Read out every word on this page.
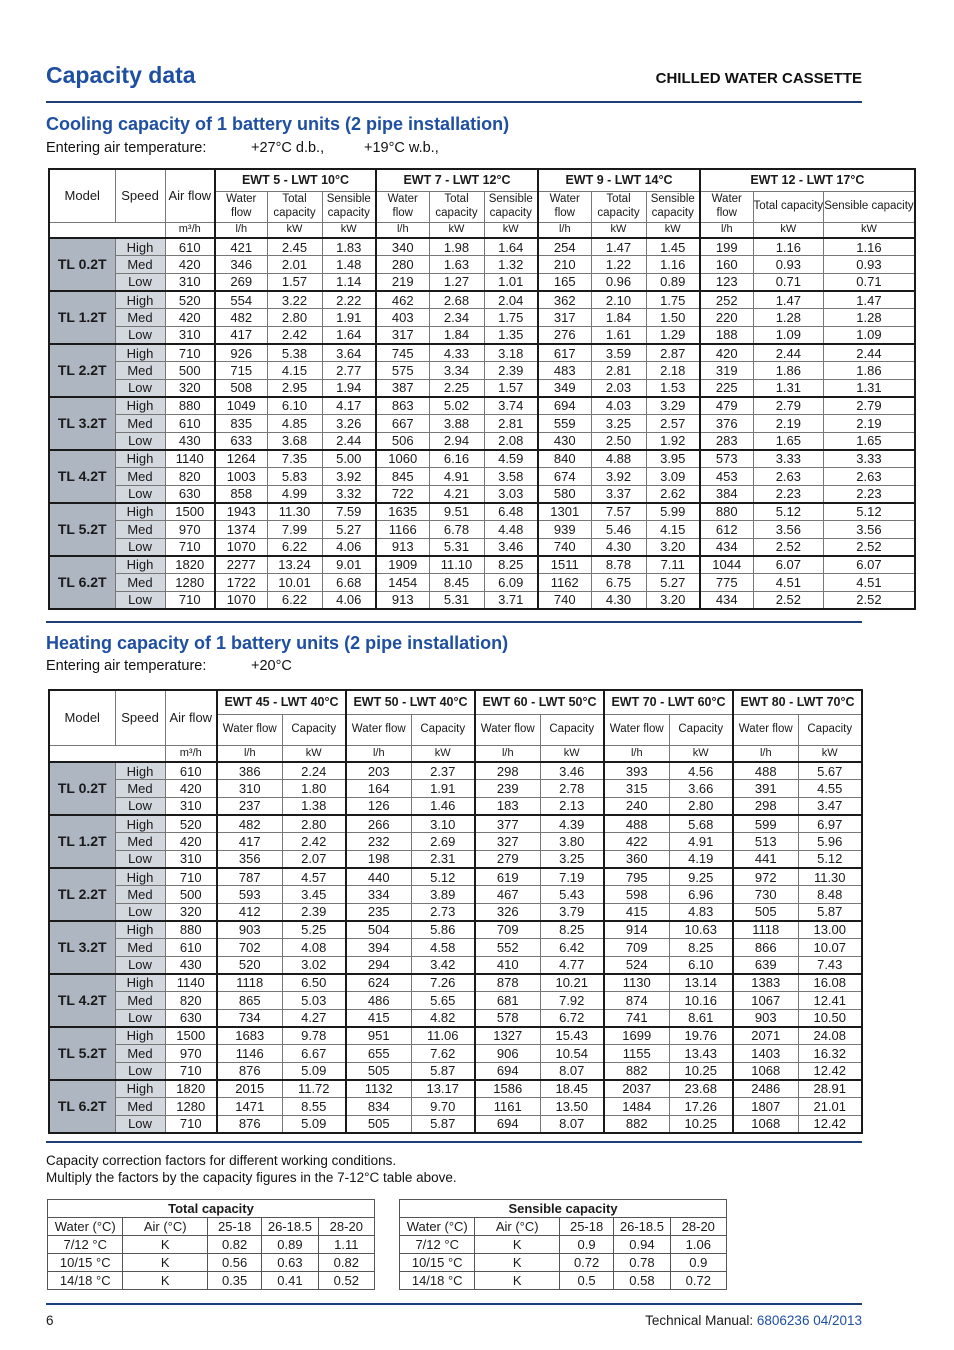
Capacity data	CHILLED WATER CASSETTE
Cooling capacity of 1 battery units (2 pipe installation)
Entering air temperature:	+27°C d.b.,	+19°C w.b.,
Model	Speed	Air flow	EWT 5 - LWT 10°C			EWT 7 - LWT 12°C			EWT 9 - LWT 14°C			EWT 12 - LWT 17°C		
			Water flow	Total capacity	Sensible capacity	Water flow	Total capacity	Sensible capacity	Water flow	Total capacity	Sensible capacity	Water flow	Total capacity	Sensible capacity
		m³/h	l/h	kW	kW	l/h	kW	kW	l/h	kW	kW	l/h	kW	kW
TL 0.2T	High	610	421	2.45	1.83	340	1.98	1.64	254	1.47	1.45	199	1.16	1.16
	Med	420	346	2.01	1.48	280	1.63	1.32	210	1.22	1.16	160	0.93	0.93
	Low	310	269	1.57	1.14	219	1.27	1.01	165	0.96	0.89	123	0.71	0.71
TL 1.2T	High	520	554	3.22	2.22	462	2.68	2.04	362	2.10	1.75	252	1.47	1.47
	Med	420	482	2.80	1.91	403	2.34	1.75	317	1.84	1.50	220	1.28	1.28
	Low	310	417	2.42	1.64	317	1.84	1.35	276	1.61	1.29	188	1.09	1.09
TL 2.2T	High	710	926	5.38	3.64	745	4.33	3.18	617	3.59	2.87	420	2.44	2.44
	Med	500	715	4.15	2.77	575	3.34	2.39	483	2.81	2.18	319	1.86	1.86
	Low	320	508	2.95	1.94	387	2.25	1.57	349	2.03	1.53	225	1.31	1.31
TL 3.2T	High	880	1049	6.10	4.17	863	5.02	3.74	694	4.03	3.29	479	2.79	2.79
	Med	610	835	4.85	3.26	667	3.88	2.81	559	3.25	2.57	376	2.19	2.19
	Low	430	633	3.68	2.44	506	2.94	2.08	430	2.50	1.92	283	1.65	1.65
TL 4.2T	High	1140	1264	7.35	5.00	1060	6.16	4.59	840	4.88	3.95	573	3.33	3.33
	Med	820	1003	5.83	3.92	845	4.91	3.58	674	3.92	3.09	453	2.63	2.63
	Low	630	858	4.99	3.32	722	4.21	3.03	580	3.37	2.62	384	2.23	2.23
TL 5.2T	High	1500	1943	11.30	7.59	1635	9.51	6.48	1301	7.57	5.99	880	5.12	5.12
	Med	970	1374	7.99	5.27	1166	6.78	4.48	939	5.46	4.15	612	3.56	3.56
	Low	710	1070	6.22	4.06	913	5.31	3.46	740	4.30	3.20	434	2.52	2.52
TL 6.2T	High	1820	2277	13.24	9.01	1909	11.10	8.25	1511	8.78	7.11	1044	6.07	6.07
	Med	1280	1722	10.01	6.68	1454	8.45	6.09	1162	6.75	5.27	775	4.51	4.51
	Low	710	1070	6.22	4.06	913	5.31	3.71	740	4.30	3.20	434	2.52	2.52
Heating capacity of 1 battery units (2 pipe installation)
Entering air temperature:	+20°C
Model	Speed	Air flow	EWT 45 - LWT 40°C		EWT 50 - LWT 40°C		EWT 60 - LWT 50°C		EWT 70 - LWT 60°C		EWT 80 - LWT 70°C	
			Water flow	Capacity	Water flow	Capacity	Water flow	Capacity	Water flow	Capacity	Water flow	Capacity
		m³/h	l/h	kW	l/h	kW	l/h	kW	l/h	kW	l/h	kW
TL 0.2T	High	610	386	2.24	203	2.37	298	3.46	393	4.56	488	5.67
	Med	420	310	1.80	164	1.91	239	2.78	315	3.66	391	4.55
	Low	310	237	1.38	126	1.46	183	2.13	240	2.80	298	3.47
TL 1.2T	High	520	482	2.80	266	3.10	377	4.39	488	5.68	599	6.97
	Med	420	417	2.42	232	2.69	327	3.80	422	4.91	513	5.96
	Low	310	356	2.07	198	2.31	279	3.25	360	4.19	441	5.12
TL 2.2T	High	710	787	4.57	440	5.12	619	7.19	795	9.25	972	11.30
	Med	500	593	3.45	334	3.89	467	5.43	598	6.96	730	8.48
	Low	320	412	2.39	235	2.73	326	3.79	415	4.83	505	5.87
TL 3.2T	High	880	903	5.25	504	5.86	709	8.25	914	10.63	1118	13.00
	Med	610	702	4.08	394	4.58	552	6.42	709	8.25	866	10.07
	Low	430	520	3.02	294	3.42	410	4.77	524	6.10	639	7.43
TL 4.2T	High	1140	1118	6.50	624	7.26	878	10.21	1130	13.14	1383	16.08
	Med	820	865	5.03	486	5.65	681	7.92	874	10.16	1067	12.41
	Low	630	734	4.27	415	4.82	578	6.72	741	8.61	903	10.50
TL 5.2T	High	1500	1683	9.78	951	11.06	1327	15.43	1699	19.76	2071	24.08
	Med	970	1146	6.67	655	7.62	906	10.54	1155	13.43	1403	16.32
	Low	710	876	5.09	505	5.87	694	8.07	882	10.25	1068	12.42
TL 6.2T	High	1820	2015	11.72	1132	13.17	1586	18.45	2037	23.68	2486	28.91
	Med	1280	1471	8.55	834	9.70	1161	13.50	1484	17.26	1807	21.01
	Low	710	876	5.09	505	5.87	694	8.07	882	10.25	1068	12.42
Capacity correction factors for different working conditions.
Multiply the factors by the capacity figures in the 7-12°C table above.
Total capacity				
Water (°C)	Air (°C)	25-18	26-18.5	28-20
7/12 °C	K	0.82	0.89	1.11
10/15 °C	K	0.56	0.63	0.82
14/18 °C	K	0.35	0.41	0.52
Sensible capacity				
Water (°C)	Air (°C)	25-18	26-18.5	28-20
7/12 °C	K	0.9	0.94	1.06
10/15 °C	K	0.72	0.78	0.9
14/18 °C	K	0.5	0.58	0.72
6	Technical Manual: 6806236 04/2013
